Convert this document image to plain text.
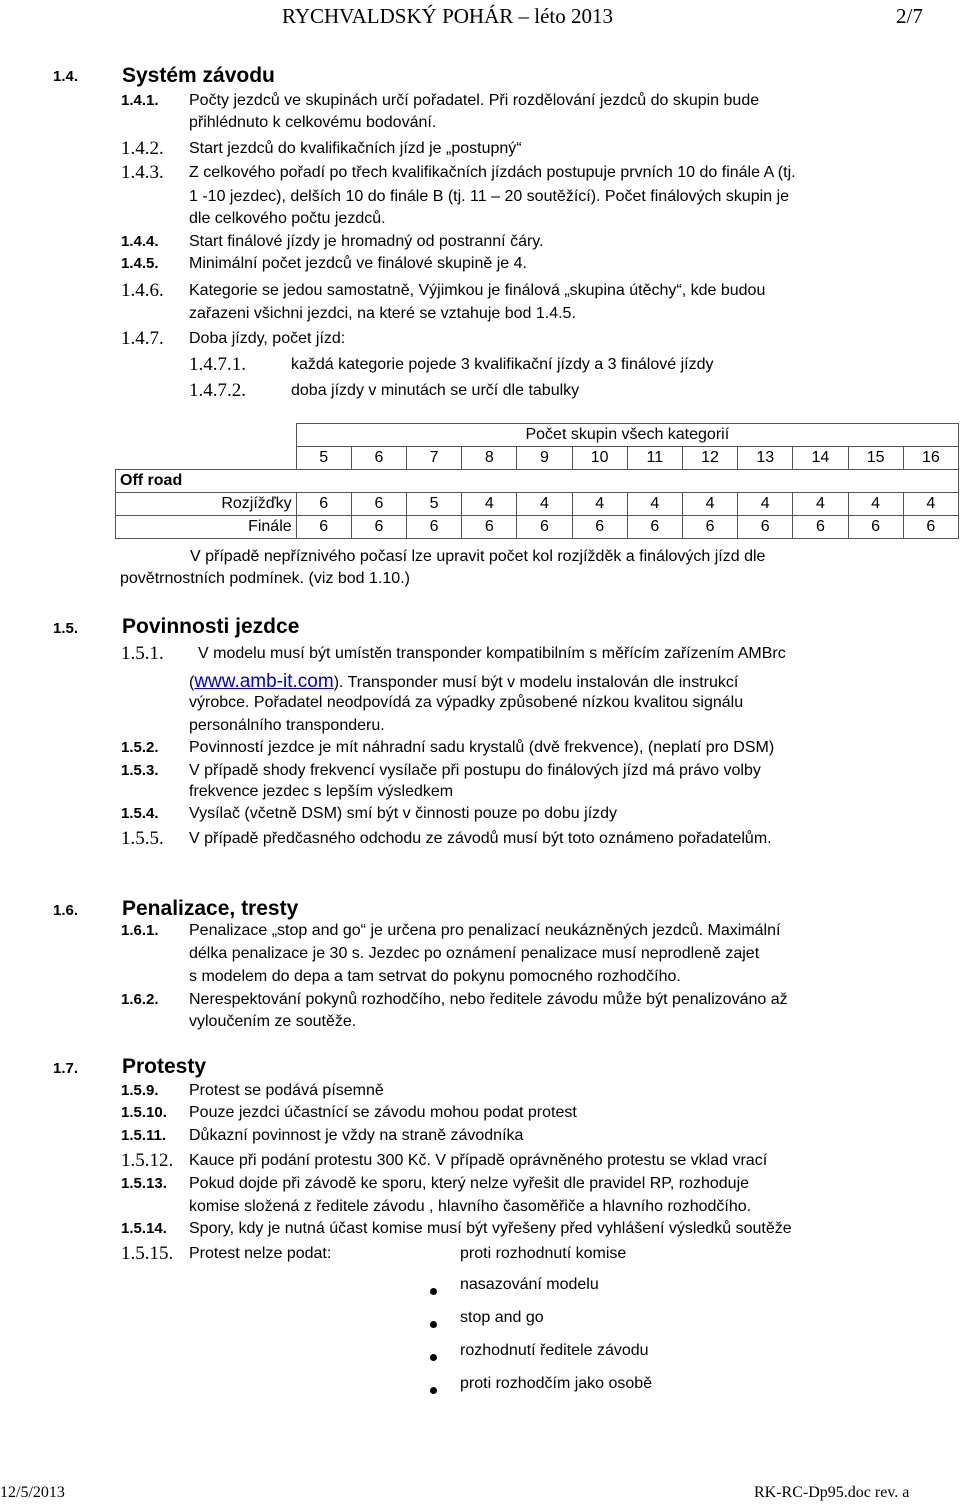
RYCHVALDSKÝ POHÁR – léto 2013	2/7
1.4. Systém závodu
1.4.1. Počty jezdců ve skupinách určí pořadatel. Při rozdělování jezdců do skupin bude
přihlédnuto k celkovému bodování.
1.4.2. Start jezdců do kvalifikačních jízd je „postupný“
1.4.3. Z celkového pořadí po třech kvalifikačních jízdách postupuje prvních 10 do finále A (tj.
1 -10 jezdec), delších 10 do finále B (tj. 11 – 20 soutěžící). Počet finálových skupin je
dle celkového počtu jezdců.
1.4.4. Start finálové jízdy je hromadný od postranní čáry.
1.4.5. Minimální počet jezdců ve finálové skupině je 4.
1.4.6. Kategorie se jedou samostatně, Výjimkou je finálová „skupina útěchy“, kde budou
zařazeni všichni jezdci, na které se vztahuje bod 1.4.5.
1.4.7. Doba jízdy, počet jízd:
1.4.7.1.	každá kategorie pojede 3 kvalifikační jízdy a 3 finálové jízdy
1.4.7.2.	doba jízdy v minutách se určí dle tabulky
	Počet skupin všech kategorií											
	5	6	7	8	9	10	11	12	13	14	15	16
Off road												
Rozjížďky	6	6	5	4	4	4	4	4	4	4	4	4
Finále	6	6	6	6	6	6	6	6	6	6	6	6
V případě nepříznivého počasí lze upravit počet kol rozjížděk a finálových jízd dle
povětrnostních podmínek. (viz bod 1.10.)
1.5. Povinnosti jezdce
1.5.1. V modelu musí být umístěn transponder kompatibilním s měřícím zařízením AMBrc
(www.amb-it.com). Transponder musí být v modelu instalován dle instrukcí
výrobce. Pořadatel neodpovídá za výpadky způsobené nízkou kvalitou signálu
personálního transponderu.
1.5.2. Povinností jezdce je mít náhradní sadu krystalů (dvě frekvence), (neplatí pro DSM)
1.5.3. V případě shody frekvencí vysílače při postupu do finálových jízd má právo volby
frekvence jezdec s lepším výsledkem
1.5.4. Vysílač (včetně DSM) smí být v činnosti pouze po dobu jízdy
1.5.5. V případě předčasného odchodu ze závodů musí být toto oznámeno pořadatelům.
1.6. Penalizace, tresty
1.6.1. Penalizace „stop and go“ je určena pro penalizací neukázněných jezdců. Maximální
délka penalizace je 30 s. Jezdec po oznámení penalizace musí neprodleně zajet
s modelem do depa a tam setrvat do pokynu pomocného rozhodčího.
1.6.2. Nerespektování pokynů rozhodčího, nebo ředitele závodu může být penalizováno až
vyloučením ze soutěže.
1.7. Protesty
1.5.9. Protest se podává písemně
1.5.10. Pouze jezdci účastnící se závodu mohou podat protest
1.5.11. Důkazní povinnost je vždy na straně závodníka
1.5.12. Kauce při podání protestu 300 Kč. V případě oprávněného protestu se vklad vrací
1.5.13. Pokud dojde při závodě ke sporu, který nelze vyřešit dle pravidel RP, rozhoduje
komise složená z ředitele závodu , hlavního časoměřiče a hlavního rozhodčího.
1.5.14. Spory, kdy je nutná účast komise musí být vyřešeny před vyhlášení výsledků soutěže
1.5.15. Protest nelze podat:	proti rozhodnutí komise
nasazování modelu
stop and go
rozhodnutí ředitele závodu
proti rozhodčím jako osobě
12/5/2013	RK-RC-Dp95.doc rev. a
